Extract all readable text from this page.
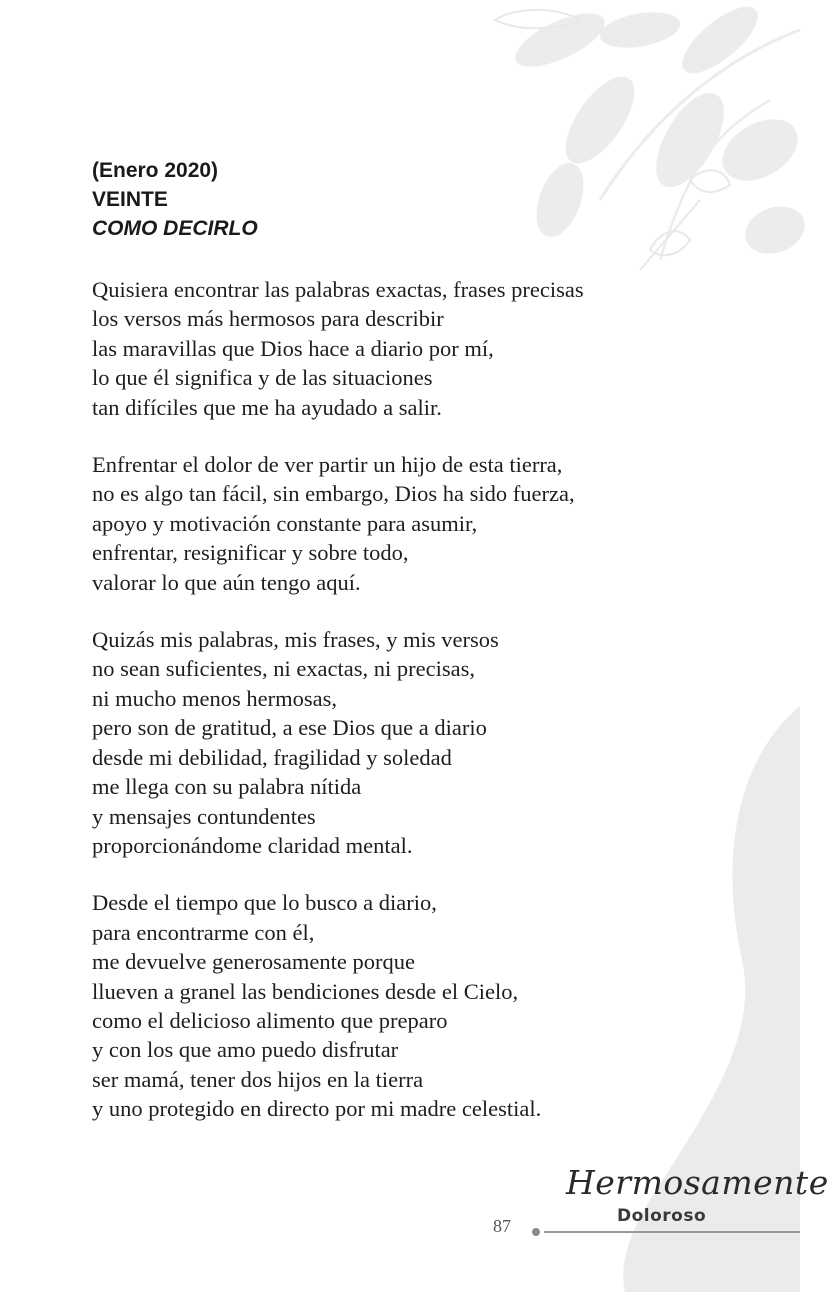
(Enero 2020)

VEINTE

COMO DECIRLO

Quisiera encontrar las palabras exactas, frases precisas
los versos más hermosos para describir
las maravillas que Dios hace a diario por mí,
lo que él significa y de las situaciones
tan difíciles que me ha ayudado a salir.
Enfrentar el dolor de ver partir un hijo de esta tierra,
no es algo tan fácil, sin embargo, Dios ha sido fuerza,
apoyo y motivación constante para asumir,
enfrentar, resignificar y sobre todo,
valorar lo que aún tengo aquí.
Quizás mis palabras, mis frases, y mis versos
no sean suficientes, ni exactas, ni precisas,
ni mucho menos hermosas,
pero son de gratitud, a ese Dios que a diario
desde mi debilidad, fragilidad y soledad
me llega con su palabra nítida
y mensajes contundentes
proporcionándome claridad mental.
Desde el tiempo que lo busco a diario,
para encontrarme con él,
me devuelve generosamente porque
llueven a granel las bendiciones desde el Cielo,
como el delicioso alimento que preparo
y con los que amo puedo disfrutar
ser mamá, tener dos hijos en la tierra
y uno protegido en directo por mi madre celestial.
Hermosamente
Doloroso
87
